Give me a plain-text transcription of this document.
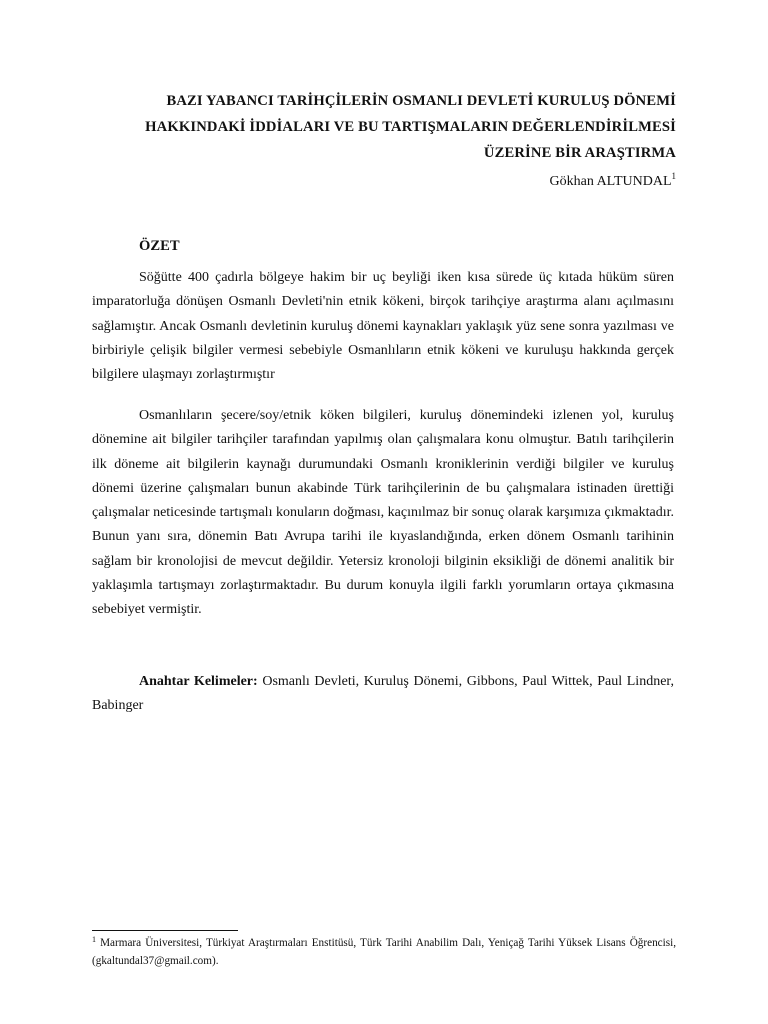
BAZI YABANCI TARİHÇİLERİN OSMANLI DEVLETİ KURULUŞ DÖNEMİ
HAKKINDAKİ İDDİALARI VE BU TARTIŞMALARIN DEĞERLENDİRİLMESİ
ÜZERİNE BİR ARAŞTIRMA
Gökhan ALTUNDAL$^1$
ÖZET

Söğütte 400 çadırla bölgeye hakim bir uç beyliği iken kısa sürede üç kıtada hüküm süren imparatorluğa dönüşen Osmanlı Devleti'nin etnik kökeni, birçok tarihçiye araştırma alanı açılmasını sağlamıştır. Ancak Osmanlı devletinin kuruluş dönemi kaynakları yaklaşık yüz sene sonra yazılması ve birbiriyle çelişik bilgiler vermesi sebebiyle Osmanlıların etnik kökeni ve kuruluşu hakkında gerçek bilgilere ulaşmayı zorlaştırmıştır

Osmanlıların şecere/soy/etnik köken bilgileri, kuruluş dönemindeki izlenen yol, kuruluş dönemine ait bilgiler tarihçiler tarafından yapılmış olan çalışmalara konu olmuştur. Batılı tarihçilerin ilk döneme ait bilgilerin kaynağı durumundaki Osmanlı kroniklerinin verdiği bilgiler ve kuruluş dönemi üzerine çalışmaları bunun akabinde Türk tarihçilerinin de bu çalışmalara istinaden ürettiği çalışmalar neticesinde tartışmalı konuların doğması, kaçınılmaz bir sonuç olarak karşımıza çıkmaktadır. Bunun yanı sıra, dönemin Batı Avrupa tarihi ile kıyaslandığında, erken dönem Osmanlı tarihinin sağlam bir kronolojisi de mevcut değildir. Yetersiz kronoloji bilginin eksikliği de dönemi analitik bir yaklaşımla tartışmayı zorlaştırmaktadır. Bu durum konuyla ilgili farklı yorumların ortaya çıkmasına sebebiyet vermiştir.

Anahtar Kelimeler: Osmanlı Devleti, Kuruluş Dönemi, Gibbons, Paul Wittek, Paul Lindner, Babinger

$^1$ Marmara Üniversitesi, Türkiyat Araştırmaları Enstitüsü, Türk Tarihi Anabilim Dalı, Yeniçağ Tarihi Yüksek Lisans Öğrencisi, (gkaltundal37@gmail.com).
